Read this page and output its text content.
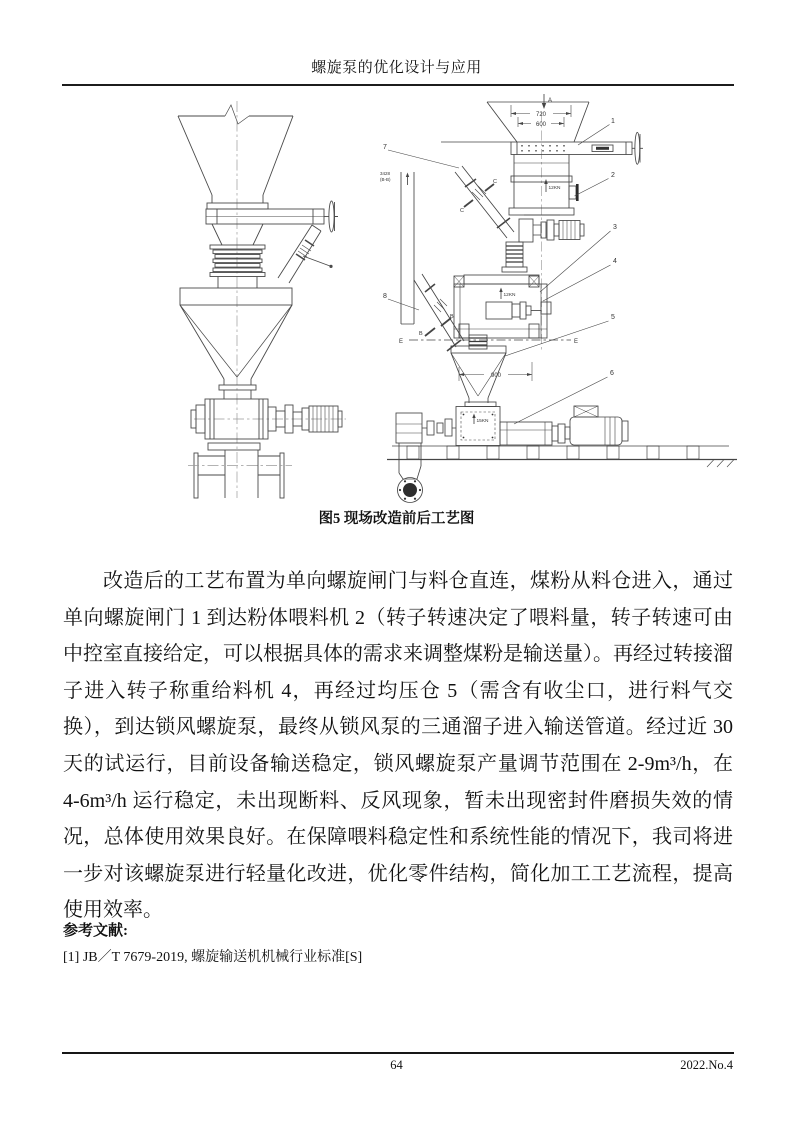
螺旋泵的优化设计与应用
A
720
600	1
12KN
2
3
4
12KN
E	E
900
5
6
15KN
7
3428
(B-B)	C
C
B
B
8
图5 现场改造前后工艺图

改造后的工艺布置为单向螺旋闸门与料仓直连，煤粉从料仓进入，通过单向螺旋闸门 1 到达粉体喂料机 2（转子转速决定了喂料量，转子转速可由中控室直接给定，可以根据具体的需求来调整煤粉是输送量）。再经过转接溜子进入转子称重给料机 4，再经过均压仓 5（需含有收尘口，进行料气交换），到达锁风螺旋泵，最终从锁风泵的三通溜子进入输送管道。经过近 30 天的试运行，目前设备输送稳定，锁风螺旋泵产量调节范围在 2-9m³/h，在 4-6m³/h 运行稳定，未出现断料、反风现象，暂未出现密封件磨损失效的情况，总体使用效果良好。在保障喂料稳定性和系统性能的情况下，我司将进一步对该螺旋泵进行轻量化改进，优化零件结构，简化加工工艺流程，提高使用效率。

参考文献:
[1] JB／T 7679-2019, 螺旋输送机机械行业标准[S]
64	2022.No.4
